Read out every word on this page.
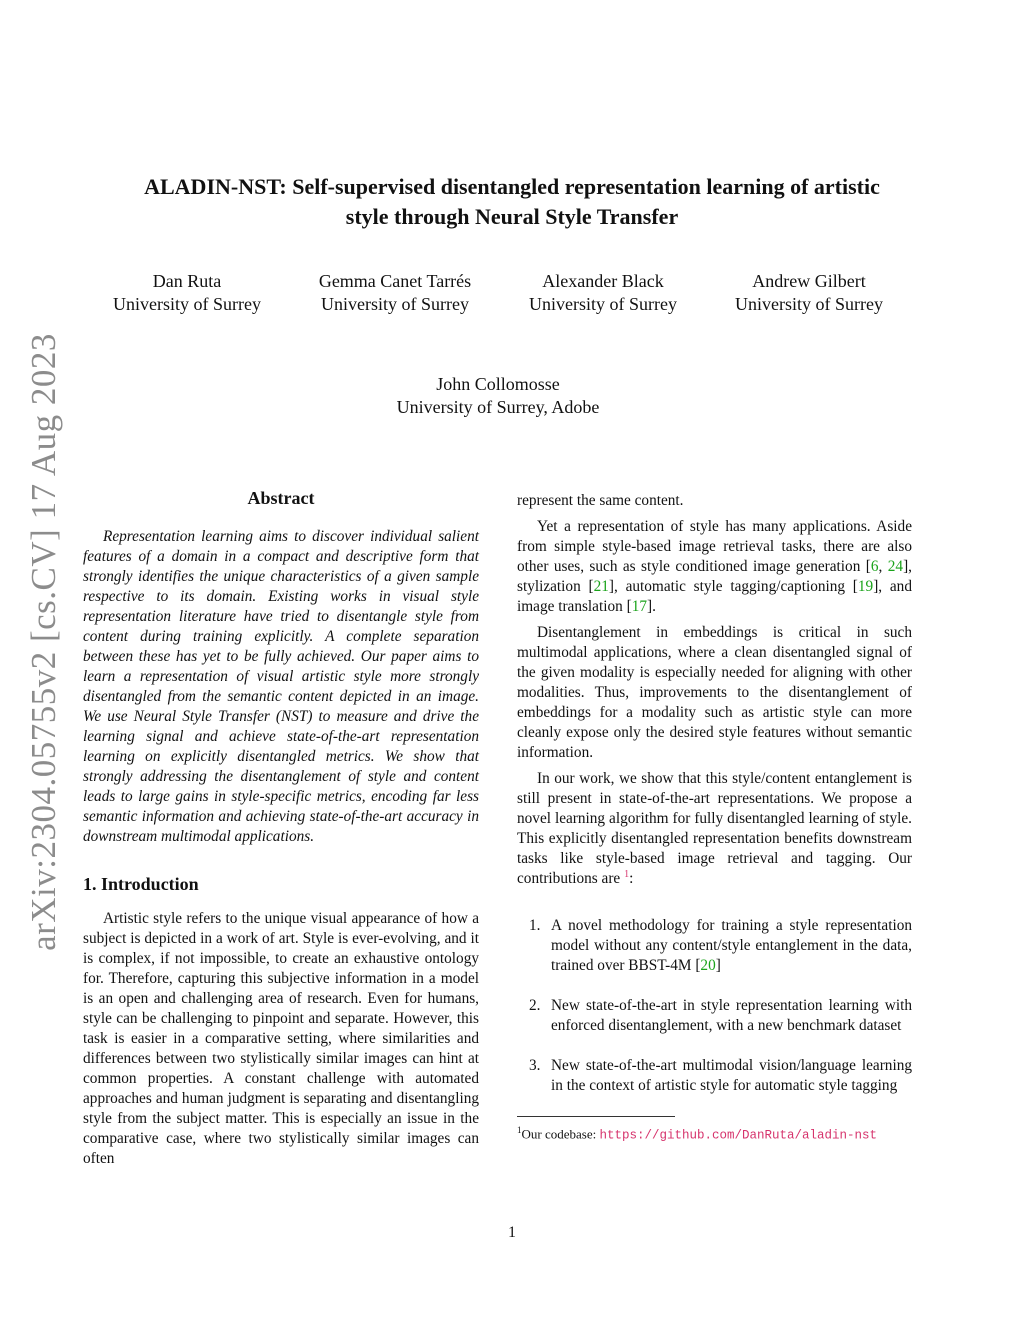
arXiv:2304.05755v2 [cs.CV] 17 Aug 2023
ALADIN-NST: Self-supervised disentangled representation learning of artistic
style through Neural Style Transfer
Dan Ruta
University of Surrey
Gemma Canet Tarrés
University of Surrey
Alexander Black
University of Surrey
Andrew Gilbert
University of Surrey
John Collomosse
University of Surrey, Adobe
Abstract

Representation learning aims to discover individual salient features of a domain in a compact and descriptive form that strongly identifies the unique characteristics of a given sample respective to its domain. Existing works in visual style representation literature have tried to disentangle style from content during training explicitly. A complete separation between these has yet to be fully achieved. Our paper aims to learn a representation of visual artistic style more strongly disentangled from the semantic content depicted in an image. We use Neural Style Transfer (NST) to measure and drive the learning signal and achieve state-of-the-art representation learning on explicitly disentangled metrics. We show that strongly addressing the disentanglement of style and content leads to large gains in style-specific metrics, encoding far less semantic information and achieving state-of-the-art accuracy in downstream multimodal applications.

1. Introduction

Artistic style refers to the unique visual appearance of how a subject is depicted in a work of art. Style is ever-evolving, and it is complex, if not impossible, to create an exhaustive ontology for. Therefore, capturing this subjective information in a model is an open and challenging area of research. Even for humans, style can be challenging to pinpoint and separate. However, this task is easier in a comparative setting, where similarities and differences between two stylistically similar images can hint at common properties. A constant challenge with automated approaches and human judgment is separating and disentangling style from the subject matter. This is especially an issue in the comparative case, where two stylistically similar images can often

represent the same content.

Yet a representation of style has many applications. Aside from simple style-based image retrieval tasks, there are also other uses, such as style conditioned image generation [6, 24], stylization [21], automatic style tagging/captioning [19], and image translation [17].

Disentanglement in embeddings is critical in such multimodal applications, where a clean disentangled signal of the given modality is especially needed for aligning with other modalities. Thus, improvements to the disentanglement of embeddings for a modality such as artistic style can more cleanly expose only the desired style features without semantic information.

In our work, we show that this style/content entanglement is still present in state-of-the-art representations. We propose a novel learning algorithm for fully disentangled learning of style. This explicitly disentangled representation benefits downstream tasks like style-based image retrieval and tagging. Our contributions are $^1$:

1. A novel methodology for training a style representation model without any content/style entanglement in the data, trained over BBST-4M [20]
2. New state-of-the-art in style representation learning with enforced disentanglement, with a new benchmark dataset
3. New state-of-the-art multimodal vision/language learning in the context of artistic style for automatic style tagging

$^1$Our codebase: https://github.com/DanRuta/aladin-nst

1
